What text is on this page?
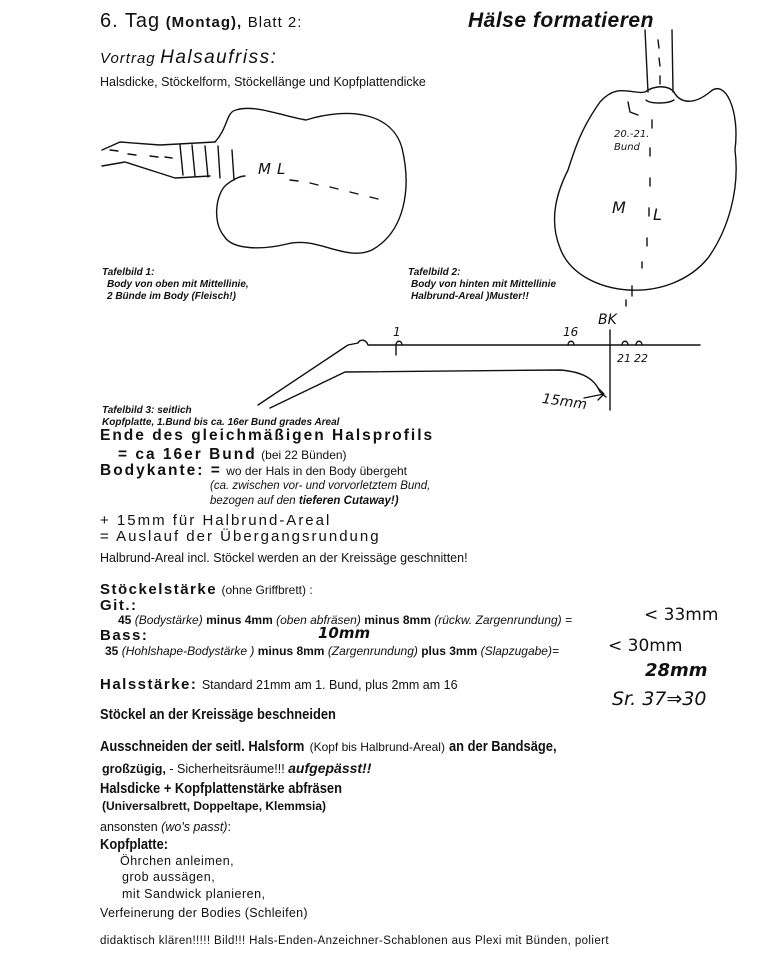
6. Tag (Montag), Blatt 2:	Hälse formatieren
Vortrag Halsaufriss:
Halsdicke, Stöckelform, Stöckellänge und Kopfplattendicke
ML
Tafelbild 1:
Body von oben mit Mittellinie,
2 Bünde im Body (Fleisch!)
20.-21.
Bund
M L
Tafelbild 2:
Body von hinten mit Mittellinie
Halbrund-Areal )Muster!!
1	16
BK
21 22
15mm
Tafelbild 3: seitlich
Kopfplatte, 1.Bund bis ca. 16er Bund grades Areal
Ende des gleichmäßigen Halsprofils
= ca 16er Bund (bei 22 Bünden)
Bodykante: = wo der Hals in den Body übergeht
(ca. zwischen vor- und vorvorletztem Bund,
bezogen auf den tieferen Cutaway!)
+ 15mm für Halbrund-Areal
= Auslauf der Übergangsrundung
Halbrund-Areal incl. Stöckel werden an der Kreissäge geschnitten!
Stöckelstärke (ohne Griffbrett) :
Git.:
45 (Bodystärke) minus 4mm (oben abfräsen) minus 8mm (rückw. Zargenrundung) =	< 33mm
Bass:	10mm
35 (Hohlshape-Bodystärke ) minus 8mm (Zargenrundung) plus 3mm (Slapzugabe)=	< 30mm
28mm
Sr. 37⇒30
Halsstärke: Standard 21mm am 1. Bund, plus 2mm am 16
Stöckel an der Kreissäge beschneiden
Ausschneiden der seitl. Halsform (Kopf bis Halbrund-Areal) an der Bandsäge,
großzügig, - Sicherheitsräume!!! aufgepässt!!
Halsdicke + Kopfplattenstärke abfräsen
(Universalbrett, Doppeltape, Klemmsia)
ansonsten (wo's passt):
Kopfplatte:
Öhrchen anleimen,
grob aussägen,
mit Sandwick planieren,
Verfeinerung der Bodies (Schleifen)
didaktisch klären!!!!! Bild!!! Hals-Enden-Anzeichner-Schablonen aus Plexi mit Bünden, poliert
